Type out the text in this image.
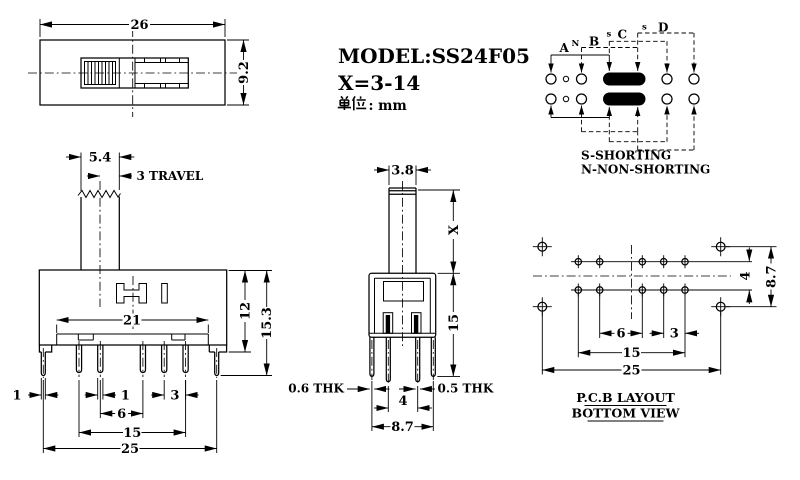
26
9.2
MODEL:SS24F05
X=3-14
: mm
A N B s C s D
S-SHORTING
N-NON-SHORTING
5.4
3 TRAVEL
21
12 15.3
1	1	3
6
15
25
3.8
X
15
0.6 THK	0.5 THK
4
8.7
4 8.7
6	3
15
25
P.C.B LAYOUT
BOTTOM VIEW
